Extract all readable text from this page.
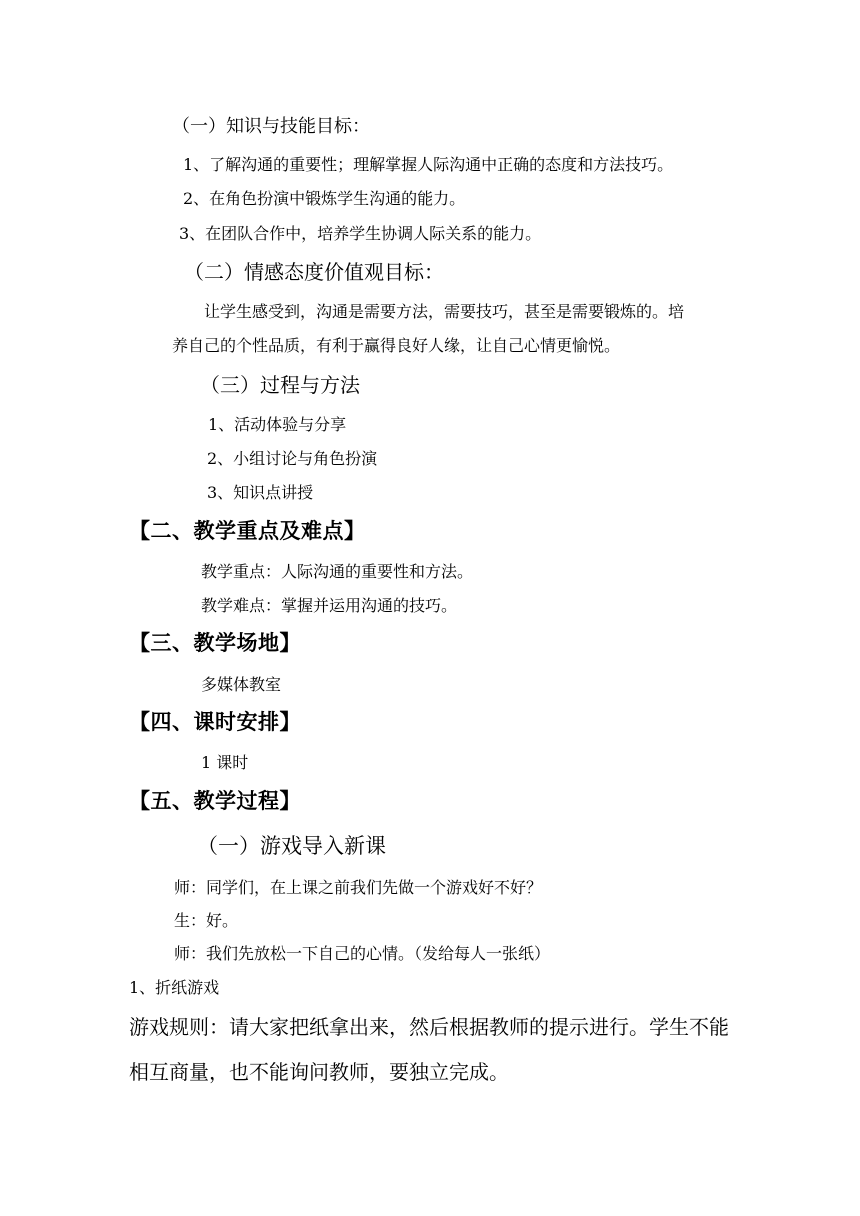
（一）知识与技能目标：
1、了解沟通的重要性；理解掌握人际沟通中正确的态度和方法技巧。
2、在角色扮演中锻炼学生沟通的能力。
3、在团队合作中，培养学生协调人际关系的能力。
（二）情感态度价值观目标：
让学生感受到，沟通是需要方法，需要技巧，甚至是需要锻炼的。培
养自己的个性品质，有利于赢得良好人缘，让自己心情更愉悦。
（三）过程与方法
1、活动体验与分享
2、小组讨论与角色扮演
3、知识点讲授
【二、教学重点及难点】
教学重点：人际沟通的重要性和方法。
教学难点：掌握并运用沟通的技巧。
【三、教学场地】
多媒体教室
【四、课时安排】
1 课时
【五、教学过程】
（一）游戏导入新课
师：同学们，在上课之前我们先做一个游戏好不好？
生：好。
师：我们先放松一下自己的心情。（发给每人一张纸）
1、折纸游戏
游戏规则：请大家把纸拿出来，然后根据教师的提示进行。学生不能
相互商量，也不能询问教师，要独立完成。
